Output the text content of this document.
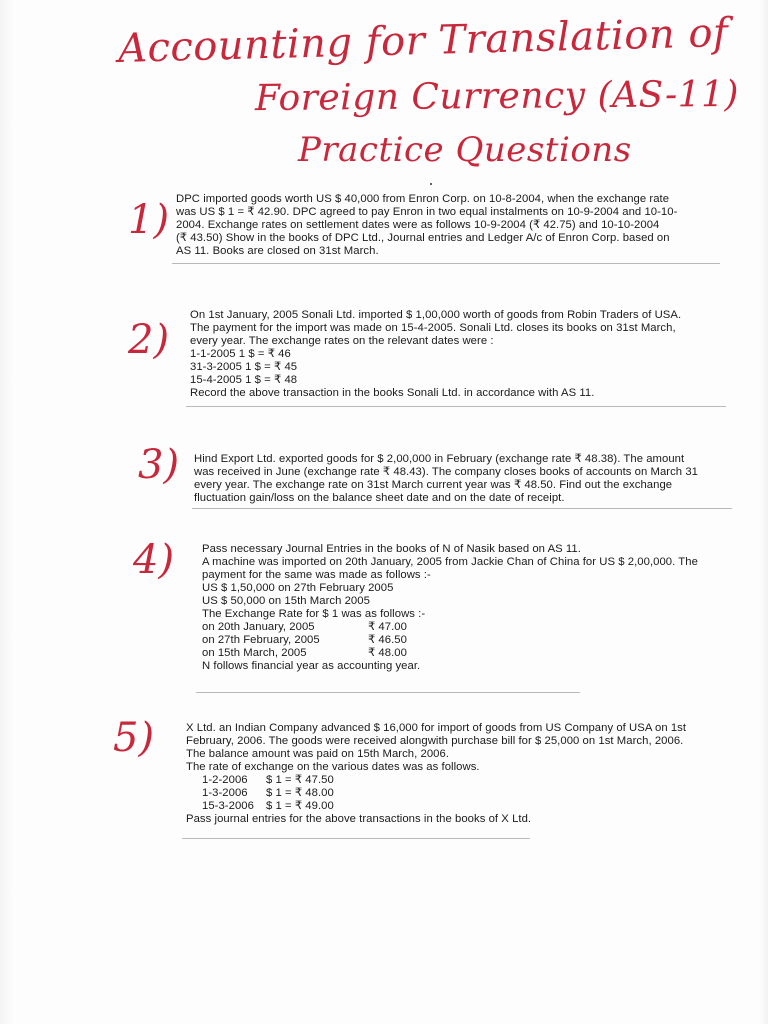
Accounting for Translation of
Foreign Currency (AS-11)
Practice Questions
1) DPC imported goods worth US $ 40,000 from Enron Corp. on 10-8-2004, when the exchange rate

was US $ 1 = ₹ 42.90. DPC agreed to pay Enron in two equal instalments on 10-9-2004 and 10-10-

2004. Exchange rates on settlement dates were as follows 10-9-2004 (₹ 42.75) and 10-10-2004

(₹ 43.50) Show in the books of DPC Ltd., Journal entries and Ledger A/c of Enron Corp. based on

AS 11. Books are closed on 31st March.

2)

On 1st January, 2005 Sonali Ltd. imported $ 1,00,000 worth of goods from Robin Traders of USA.

The payment for the import was made on 15-4-2005. Sonali Ltd. closes its books on 31st March,

every year. The exchange rates on the relevant dates were :

1-1-2005 1 $ = ₹ 46

31-3-2005 1 $ = ₹ 45

15-4-2005 1 $ = ₹ 48

Record the above transaction in the books Sonali Ltd. in accordance with AS 11.

3) Hind Export Ltd. exported goods for $ 2,00,000 in February (exchange rate ₹ 48.38). The amount

was received in June (exchange rate ₹ 48.43). The company closes books of accounts on March 31

every year. The exchange rate on 31st March current year was ₹ 48.50. Find out the exchange

fluctuation gain/loss on the balance sheet date and on the date of receipt.

4) Pass necessary Journal Entries in the books of N of Nasik based on AS 11.

A machine was imported on 20th January, 2005 from Jackie Chan of China for US $ 2,00,000. The

payment for the same was made as follows :-

US $ 1,50,000 on 27th February 2005

US $ 50,000 on 15th March 2005

The Exchange Rate for $ 1 was as follows :-

on 20th January, 2005	₹ 47.00

on 27th February, 2005	₹ 46.50

on 15th March, 2005	₹ 48.00

N follows financial year as accounting year.

5)	X Ltd. an Indian Company advanced $ 16,000 for import of goods from US Company of USA on 1st

February, 2006. The goods were received alongwith purchase bill for $ 25,000 on 1st March, 2006.

The balance amount was paid on 15th March, 2006.

The rate of exchange on the various dates was as follows.

1-2-2006 $ 1 = ₹ 47.50

1-3-2006 $ 1 = ₹ 48.00

15-3-2006 $ 1 = ₹ 49.00

Pass journal entries for the above transactions in the books of X Ltd.
